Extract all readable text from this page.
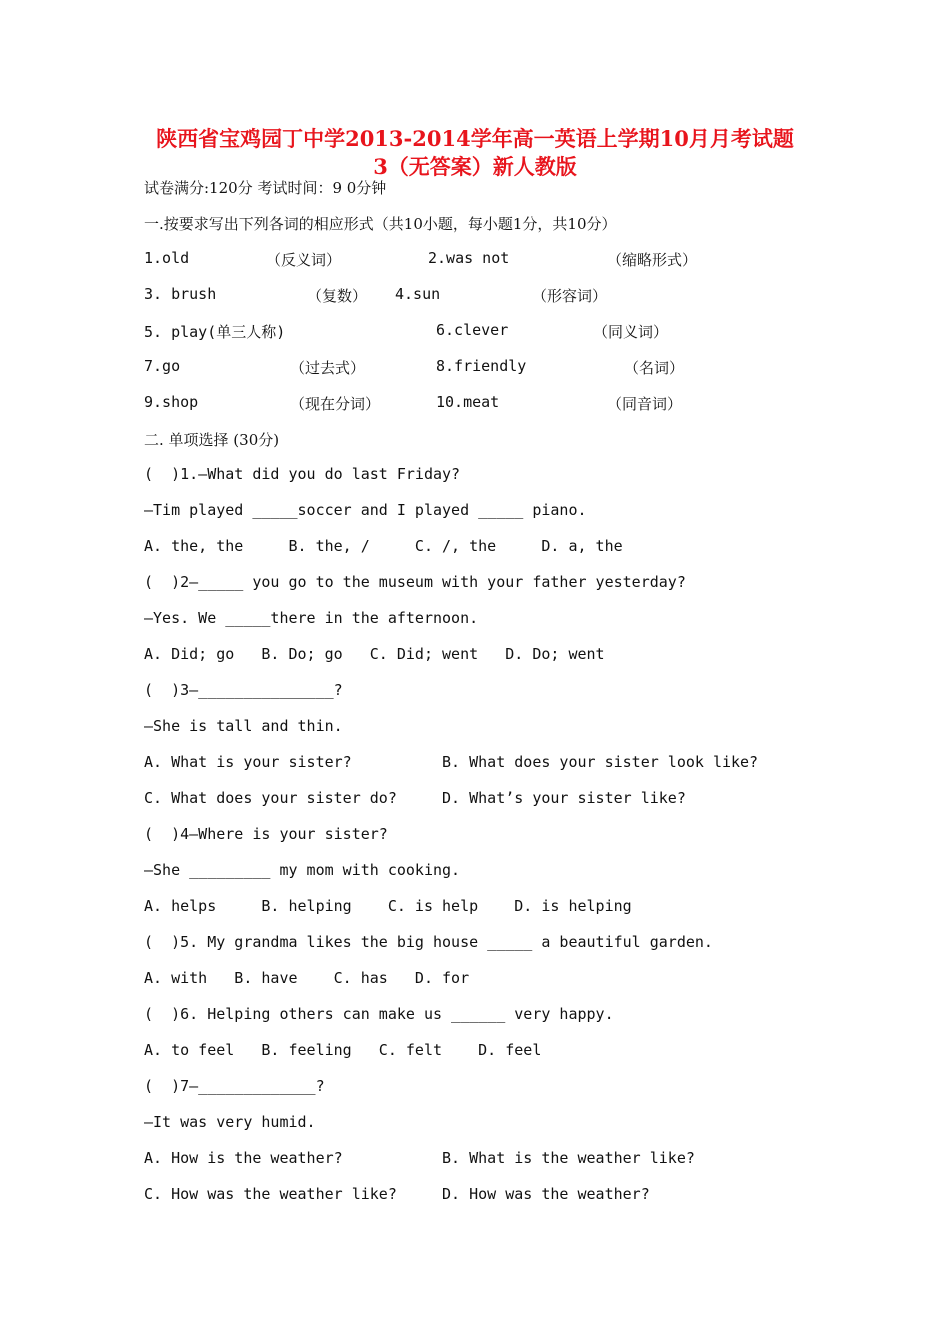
陕西省宝鸡园丁中学2013-2014学年高一英语上学期10月月考试题
3（无答案）新人教版
试卷满分:120分 考试时间：9 0分钟
一.按要求写出下列各词的相应形式（共10小题，每小题1分，共10分）
1.old	（反义词）	2.was not	（缩略形式）
3. brush	（复数） 4.sun	（形容词）
5. play(单三人称)	6.clever	（同义词）
7.go	（过去式）	8.friendly	（名词）
9.shop	（现在分词）	10.meat	（同音词）
二. 单项选择 (30分)
(  )1.—What did you do last Friday?
—Tim played _____soccer and I played _____ piano.
A. the, the     B. the, /     C. /, the     D. a, the
(  )2—_____ you go to the museum with your father yesterday?
—Yes. We _____there in the afternoon.
A. Did; go   B. Do; go   C. Did; went   D. Do; went
(  )3—_______________?
—She is tall and thin.
A. What is your sister?          B. What does your sister look like?
C. What does your sister do?     D. What’s your sister like?
(  )4—Where is your sister?
—She _________ my mom with cooking.
A. helps     B. helping    C. is help    D. is helping
(  )5. My grandma likes the big house _____ a beautiful garden.
A. with   B. have    C. has   D. for
(  )6. Helping others can make us ______ very happy.
A. to feel   B. feeling   C. felt    D. feel
(  )7—_____________?
—It was very humid.
A. How is the weather?           B. What is the weather like?
C. How was the weather like?     D. How was the weather?
